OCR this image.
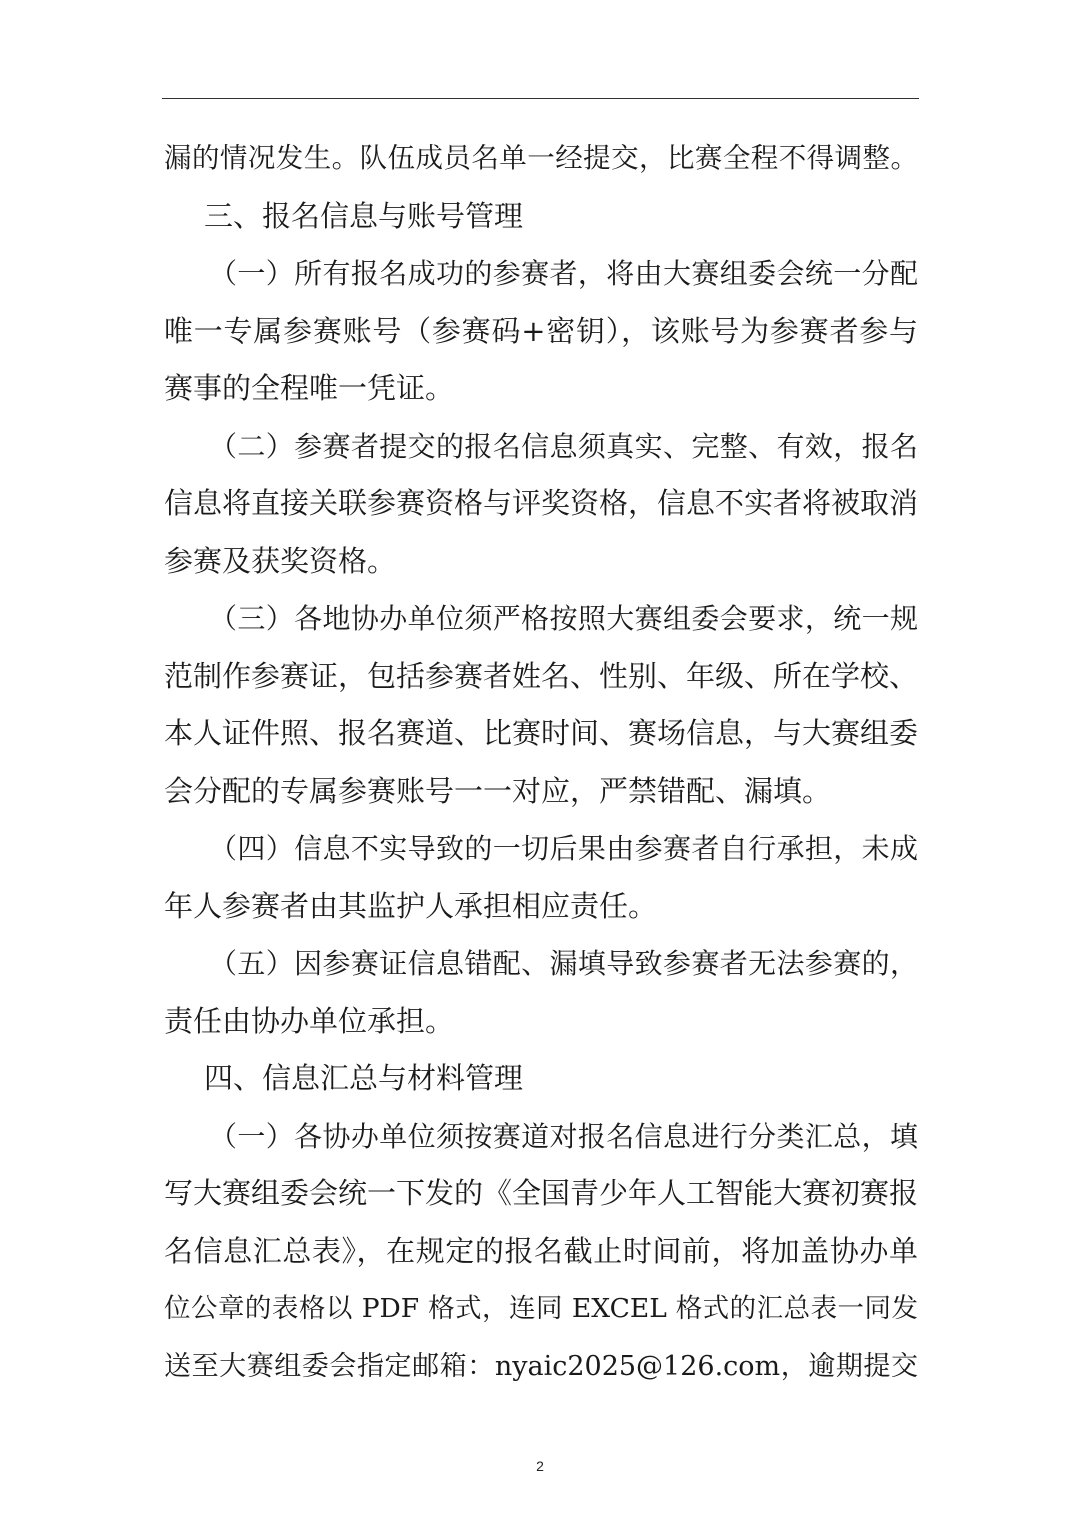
漏的情况发生。队伍成员名单一经提交，比赛全程不得调整。
三、报名信息与账号管理
（一）所有报名成功的参赛者，将由大赛组委会统一分配
唯一专属参赛账号（参赛码+密钥），该账号为参赛者参与
赛事的全程唯一凭证。
（二）参赛者提交的报名信息须真实、完整、有效，报名
信息将直接关联参赛资格与评奖资格，信息不实者将被取消
参赛及获奖资格。
（三）各地协办单位须严格按照大赛组委会要求，统一规
范制作参赛证，包括参赛者姓名、性别、年级、所在学校、
本人证件照、报名赛道、比赛时间、赛场信息，与大赛组委
会分配的专属参赛账号一一对应，严禁错配、漏填。
（四）信息不实导致的一切后果由参赛者自行承担，未成
年人参赛者由其监护人承担相应责任。
（五）因参赛证信息错配、漏填导致参赛者无法参赛的，
责任由协办单位承担。
四、信息汇总与材料管理
（一）各协办单位须按赛道对报名信息进行分类汇总，填
写大赛组委会统一下发的《全国青少年人工智能大赛初赛报
名信息汇总表》，在规定的报名截止时间前，将加盖协办单
位公章的表格以 PDF 格式，连同 EXCEL 格式的汇总表一同发
送至大赛组委会指定邮箱：nyaic2025@126.com，逾期提交
2
